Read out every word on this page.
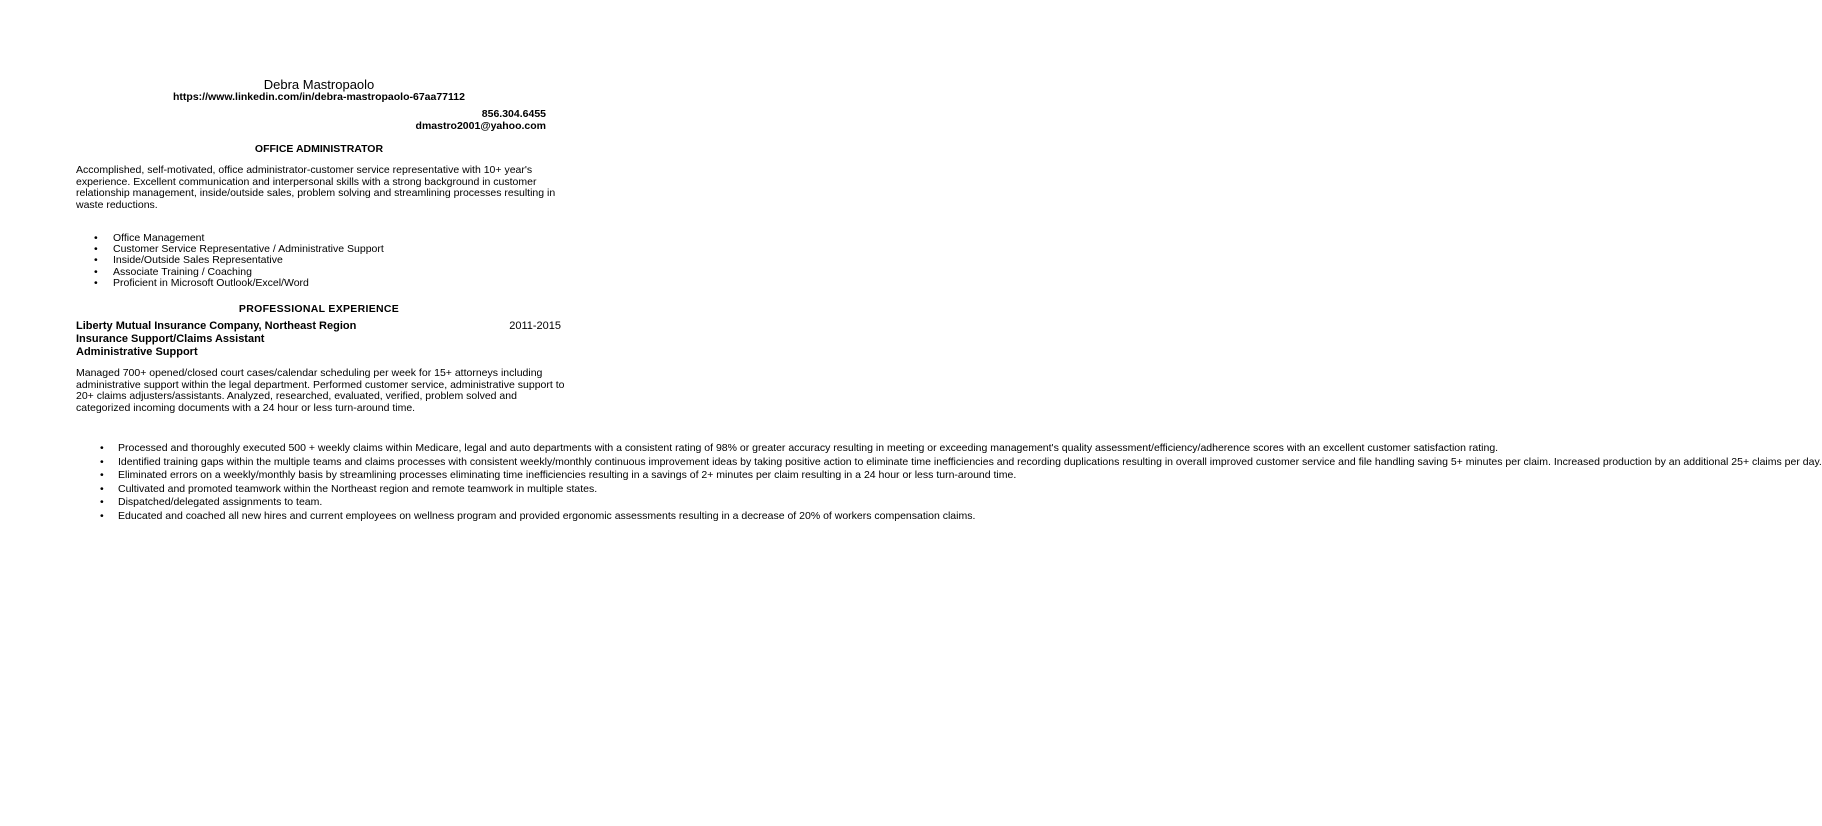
Debra Mastropaolo
https://www.linkedin.com/in/debra-mastropaolo-67aa77112
856.304.6455
dmastro2001@yahoo.com
OFFICE ADMINISTRATOR
Accomplished, self-motivated, office administrator-customer service representative with 10+ year's experience. Excellent communication and interpersonal skills with a strong background in customer relationship management, inside/outside sales, problem solving and streamlining processes resulting in waste reductions.
• Office Management
• Customer Service Representative / Administrative Support
• Inside/Outside Sales Representative
• Associate Training / Coaching
• Proficient in Microsoft Outlook/Excel/Word
PROFESSIONAL EXPERIENCE
Liberty Mutual Insurance Company, Northeast Region	2011-2015
Insurance Support/Claims Assistant
Administrative Support
Managed 700+ opened/closed court cases/calendar scheduling per week for 15+ attorneys including administrative support within the legal department. Performed customer service, administrative support to 20+ claims adjusters/assistants. Analyzed, researched, evaluated, verified, problem solved and categorized incoming documents with a 24 hour or less turn-around time.
• Processed and thoroughly executed 500 + weekly claims within Medicare, legal and auto departments with a consistent rating of 98% or greater accuracy resulting in meeting or exceeding management's quality assessment/efficiency/adherence scores with an excellent customer satisfaction rating.
• Identified training gaps within the multiple teams and claims processes with consistent weekly/monthly continuous improvement ideas by taking positive action to eliminate time inefficiencies and recording duplications resulting in overall improved customer service and file handling saving 5+ minutes per claim. Increased production by an additional 25+ claims per day.
• Eliminated errors on a weekly/monthly basis by streamlining processes eliminating time inefficiencies resulting in a savings of 2+ minutes per claim resulting in a 24 hour or less turn-around time.
• Cultivated and promoted teamwork within the Northeast region and remote teamwork in multiple states.
• Dispatched/delegated assignments to team.
• Educated and coached all new hires and current employees on wellness program and provided ergonomic assessments resulting in a decrease of 20% of workers compensation claims.
